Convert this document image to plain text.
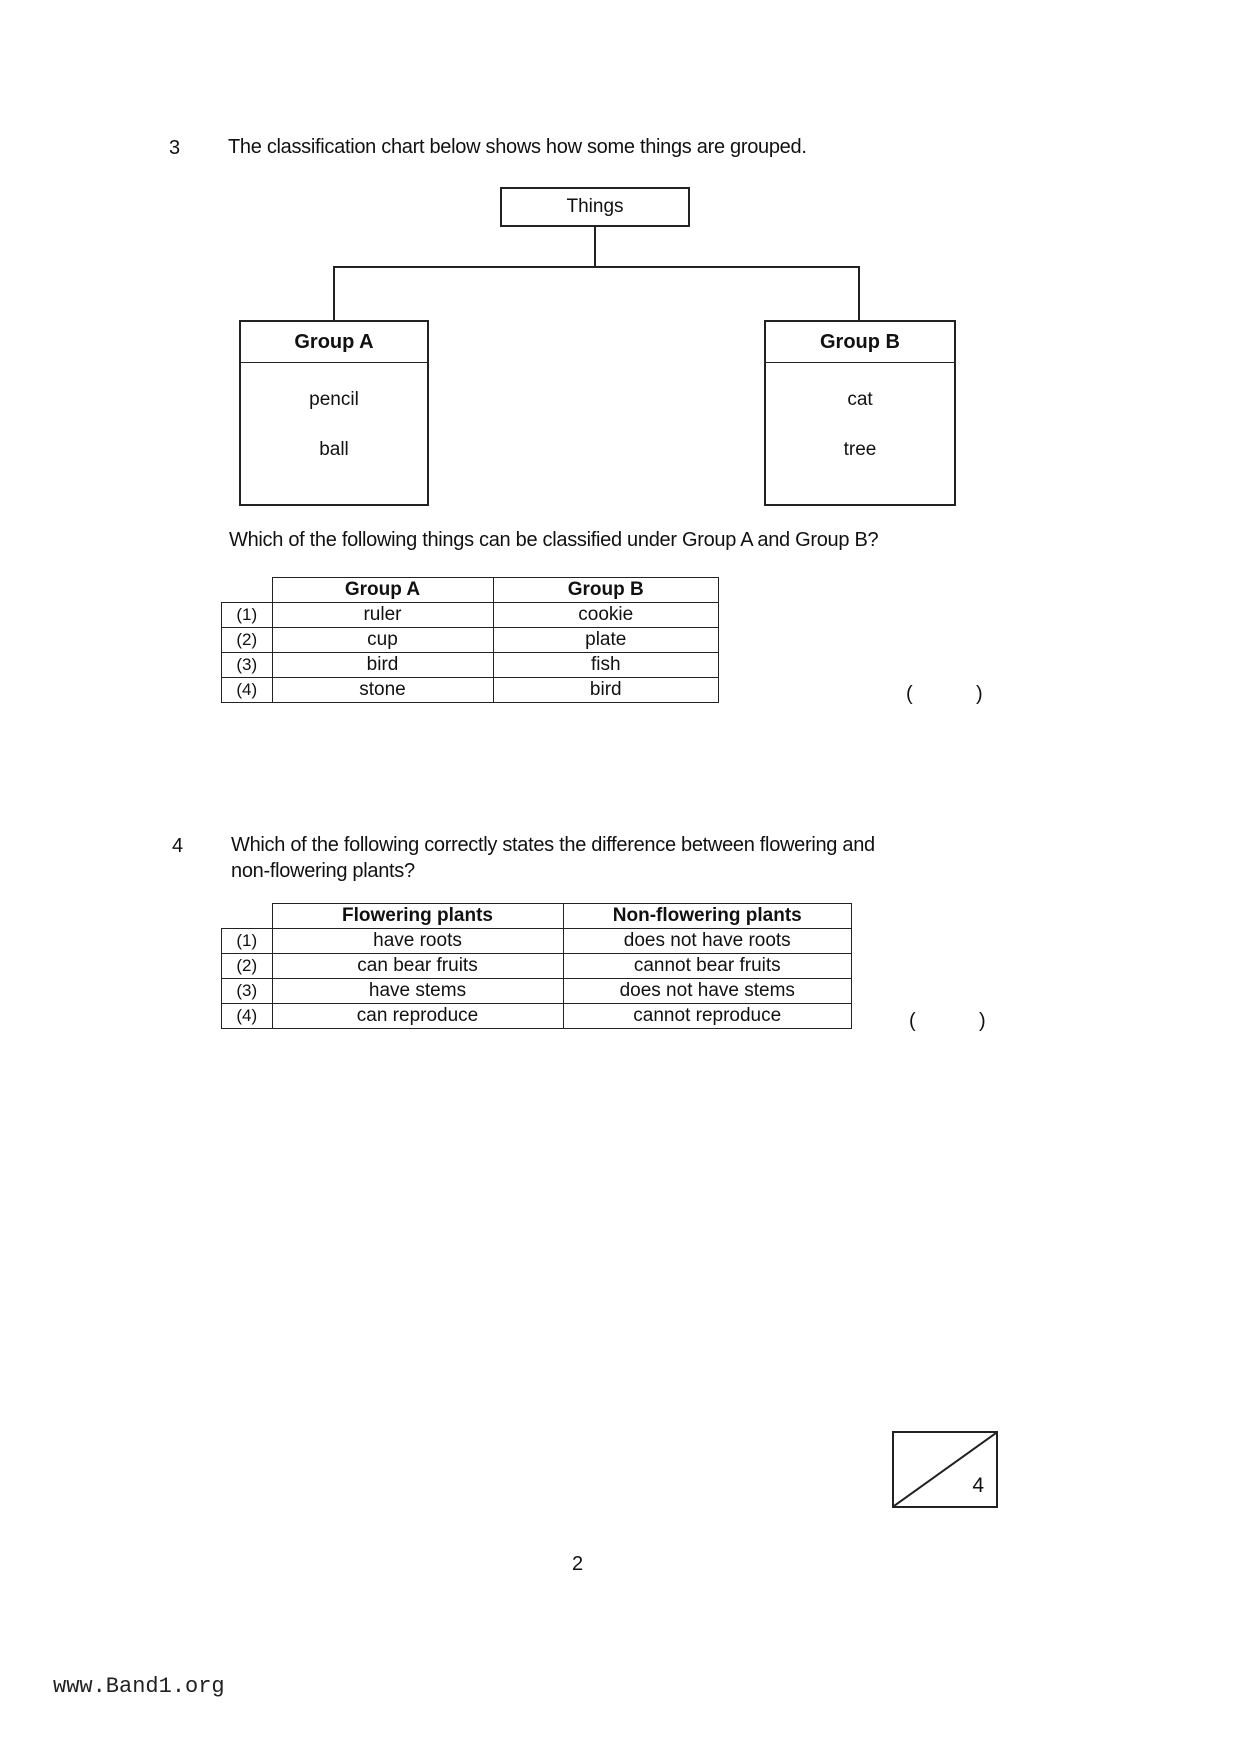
3 The classification chart below shows how some things are grouped.
Things
Group A
pencil
ball
Group B
cat
tree
Which of the following things can be classified under Group A and Group B?
	Group A	Group B
(1)	ruler	cookie
(2)	cup	plate
(3)	bird	fish
(4)	stone	bird	(	)
4 Which of the following correctly states the difference between flowering and
non-flowering plants?
	Flowering plants	Non-flowering plants
(1)	have roots	does not have roots
(2)	can bear fruits	cannot bear fruits
(3)	have stems	does not have stems
(4)	can reproduce	cannot reproduce	(	)
4
2
www.Band1.org
